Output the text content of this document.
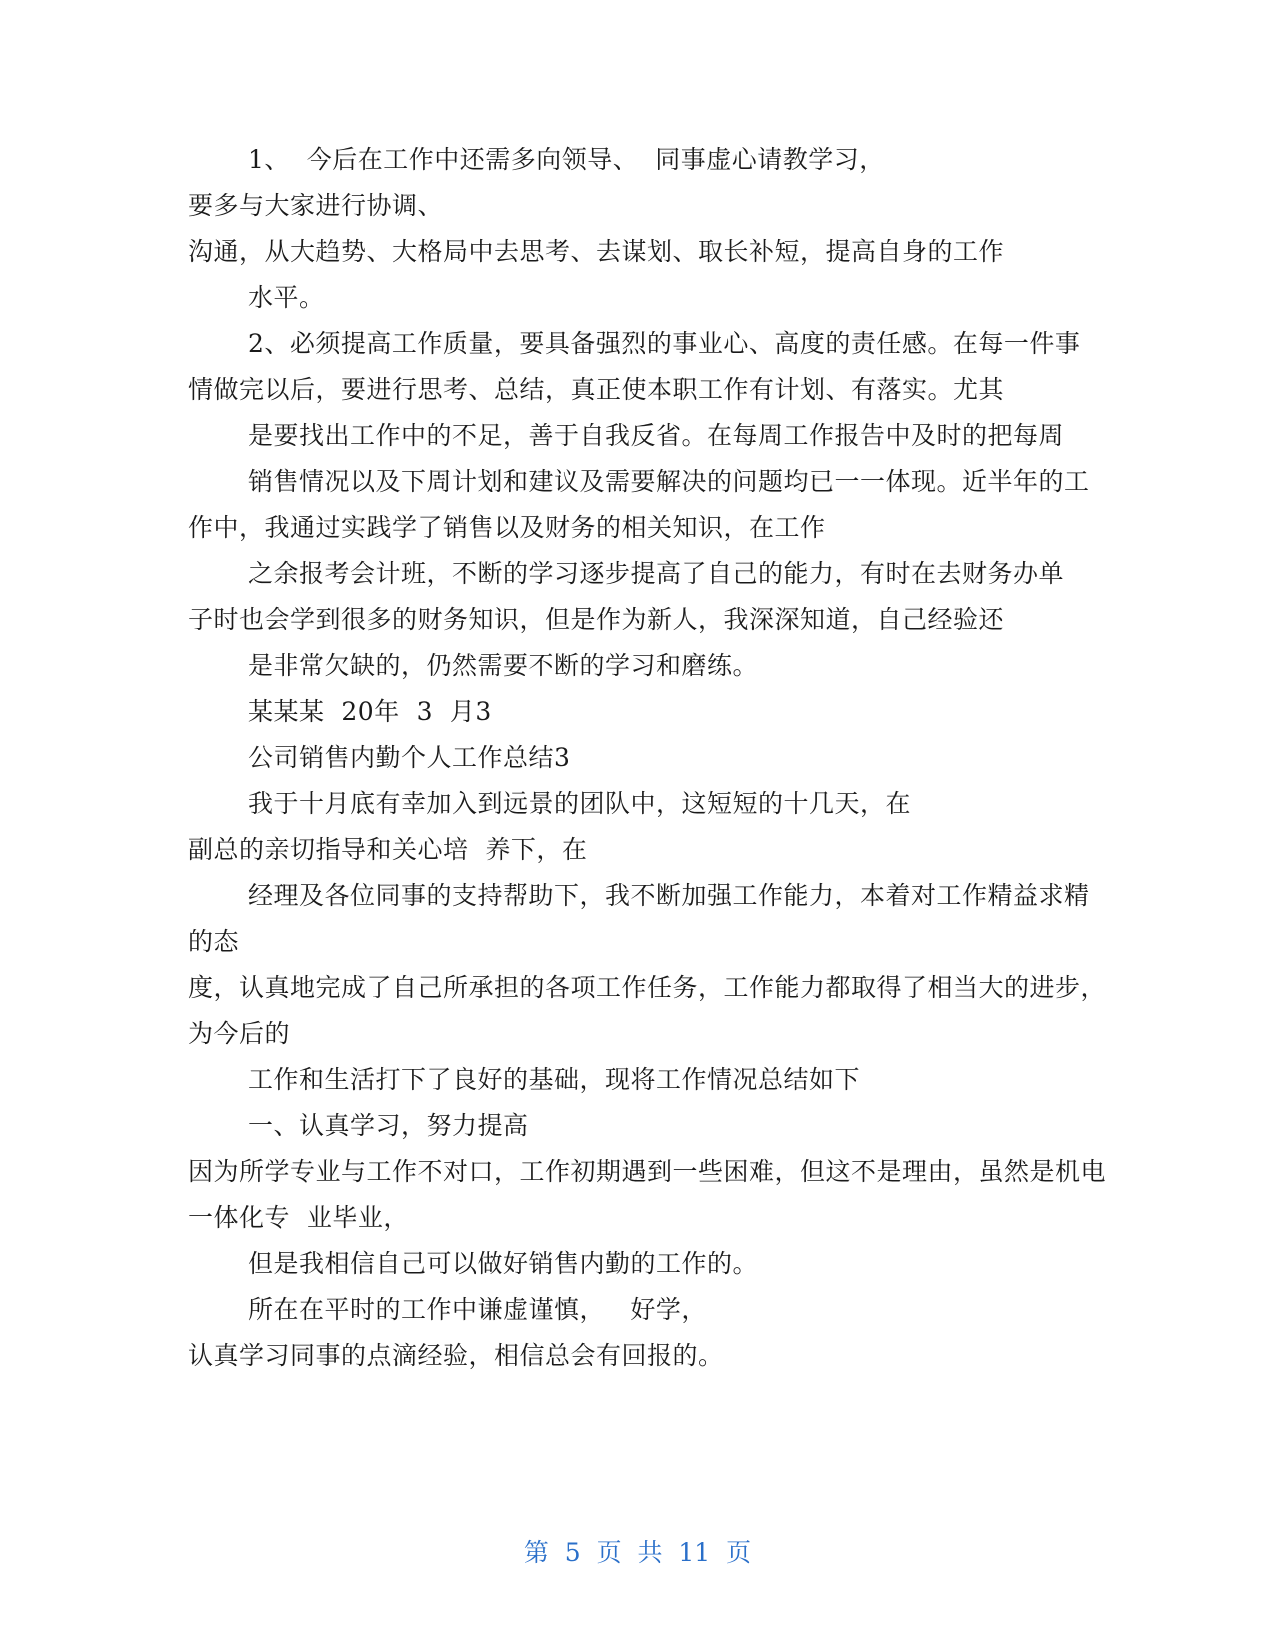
1、  今后在工作中还需多向领导、  同事虚心请教学习，
要多与大家进行协调、
沟通，从大趋势、大格局中去思考、去谋划、取长补短，提高自身的工作
水平。
2、必须提高工作质量，要具备强烈的事业心、高度的责任感。在每一件事
情做完以后，要进行思考、总结，真正使本职工作有计划、有落实。尤其
是要找出工作中的不足，善于自我反省。在每周工作报告中及时的把每周
销售情况以及下周计划和建议及需要解决的问题均已一一体现。近半年的工
作中，我通过实践学了销售以及财务的相关知识，在工作
之余报考会计班，不断的学习逐步提高了自己的能力，有时在去财务办单
子时也会学到很多的财务知识，但是作为新人，我深深知道，自己经验还
是非常欠缺的，仍然需要不断的学习和磨练。
某某某  20年  3  月3
公司销售内勤个人工作总结3
我于十月底有幸加入到远景的团队中，这短短的十几天，在
副总的亲切指导和关心培  养下，在
经理及各位同事的支持帮助下，我不断加强工作能力，本着对工作精益求精
的态
度，认真地完成了自己所承担的各项工作任务，工作能力都取得了相当大的进步，
为今后的
工作和生活打下了良好的基础，现将工作情况总结如下
一、认真学习，努力提高
因为所学专业与工作不对口，工作初期遇到一些困难，但这不是理由，虽然是机电
一体化专  业毕业，
但是我相信自己可以做好销售内勤的工作的。
所在在平时的工作中谦虚谨慎，   好学，
认真学习同事的点滴经验，相信总会有回报的。
第  5  页  共  11  页
